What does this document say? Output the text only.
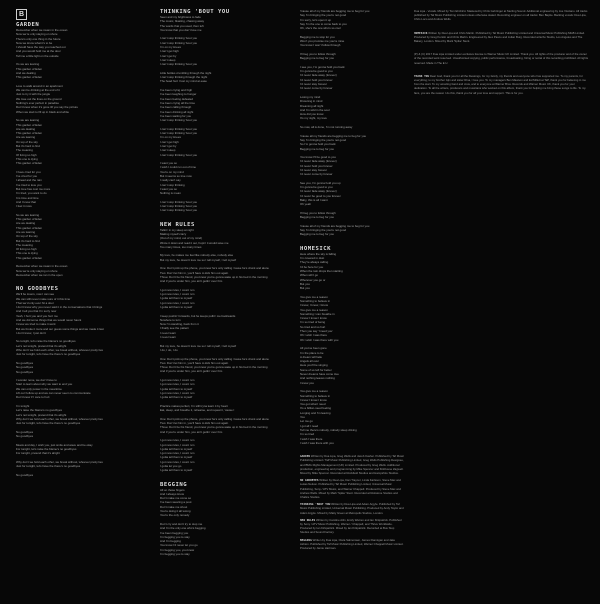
B
GARDEN

Remember when we swam in the ocean
Now we're only staying on shore
There's only one thing in the future
Now we know what it's to be
I should have the way you reached out
And you would hold me at the door
Tell me a little light on the outside

It's we are leaning
This garden of Eden
And we dealing
This garden of Eden

Love to walk around in an apartment
We can be drinking at the end of it
Just to try it with the jungle
We lose out the lines on the ground
Nothing's ever perfect in paradise
Don't know when it's gone till you say the picture
When we start to fill up in black and white

So we are leaning
This garden of Eden
Are we dealing
This garden of Eden
Are we leaning
On top of the sky
But it's hard to find
The meaning
Of living so high
This one is dying
This garden of Eden

I have cried for you
I've cried for you
I ahead and the rain
I've tried to love you
But love has cost me more
I'm tired, you want to do
It is time and time
And I know that
I feel it more

So we are leaning
This garden of Eden
Are we dealing
This garden of Eden
Are we leaning
On top of the sky
But it's hard to find
The meaning
Of living so high
This one is dying
This garden of Eden

Remember when we swam in the ocean
Now we're only staying on shore
Remember when we ran in the open

NO GOODBYES

We'll be lovers, now I can see
We can still never make sure of it this time
That we'd only ever hit a door
I don't know why you never said it in the conversations that it brings
And I tell you that I'm sorry now
Yeah, I hurt you and you hurt me
And we did some things that we would never haunt
I know we tried to make it work
But we broke it more and our guess some things and we made it last
I don't know, I just don't

So tonight, let's raise the blame's no goodbyes
Let's not tonight, pretend that it's alright
Who don't we hold each other, we break without, whoever pretty lies
Just for tonight, let's have the there's no goodbyes

No goodbyes
No goodbyes
No goodbyes

I wonder none, we don't have to
Start to learn about why we want to end you
We can only power in the meantime
Lift our hollow up and we can never seem to communicate
Don't know if I care to hurt

I'm tonight
Let's raise the blame's no goodbyes
Let's not tonight, pretend that it's alright
Why don't we hold each other, we break without, whoever pretty lies
Just for tonight, let's have the there's no goodbyes

No goodbyes
No goodbyes

Meets and day, I wish you, just smile and wave and be okay
For tonight, let's raise the blame's no goodbyes
For tonight, pretend that it's alright

Why don't we hold each other, we break without, whoever pretty lies
Just for tonight, let's have the there's no goodbyes

No goodbyes

THINKING 'BOUT YOU

Seen and my brightness to fade
The music, blasting, chasing away
The words that you used, then left
You know that you don't love me

I can't stop thinking 'bout you
I can't stop thinking 'bout you
I'm on my knees
I can't get high
I can't get by
I can't sleep
I can't stop thinking 'bout you

Little bottles crumbling through the night
I can't stop thinking through the night
The head hurt I lost my mind at ease

I've been crying and high
I've been laughing to hunger
I've been feeling defeated
I've been crying all the time
I've been calling through
I've been drinking all night
I've been waiting for you
I can't stop thinking 'bout you

I can't stop thinking 'bout you
I can't stop thinking 'bout you
I'm on my knees
I can't get high
I can't get by
I can't sleep
I can't stop thinking 'bout you

I want you so
I wish I could run out of time
You're on my mind
But it seems so true now
I really can't say
I can't stop thinking
I want you so
Nothing is mean

I can't stop thinking 'bout you
I can't stop thinking 'bout you
I can't stop thinking 'bout you

NEW RULES

Talkin' in my sleep at night
Making myself crazy
(Out of my mind, out of my mind)
Wrote it down and read it out, hopin' it would save me
Too many times, too many times

My love, he makes me feel like nobody else, nobody else
But my love, he doesn't love me so I tell myself, I tell myself

One: Don't pick up the phone, you know he's only calling 'cause he's drunk and alone
Two: Don't let him in, you'll have to kick him out again
Three: Don't be his friend, you know you're gonna wake up in his bed in the morning
And if you're under him, you ain't gettin' over him

I got new rules, I count 'em
I got new rules, I count 'em
I gotta tell them to myself
I got new rules, I count 'em
I gotta tell them to myself

I keep pushin' forwards, but he keeps pullin' me backwards
Nowhere to turn
Now I'm standing, back from it
I finally see the pattern
I never learn
I never learn

But my love, he doesn't love me so I tell myself, I tell myself
I do, I do, I do

One: Don't pick up the phone, you know he's only calling 'cause he's drunk and alone
Two: Don't let him in, you'll have to kick him out again
Three: Don't be his friend, you know you're gonna wake up in his bed in the morning
And if you're under him, you ain't gettin' over him

I got new rules, I count 'em
I got new rules, I count 'em
I gotta tell them to myself
I got new rules, I count 'em
I gotta tell them to myself

Practice makes perfect, I'm still tryna learn it by heart
Eat, sleep, and breathe it, rehearse, and repeat it, 'cause I

One: Don't pick up the phone, you know he's only calling 'cause he's drunk and alone
Two: Don't let him in, you'll have to kick him out again
Three: Don't be his friend, you know you're gonna wake up in his bed in the morning
And if you're under him, you ain't gettin' over him

I got new rules, I count 'em
I got new rules, I count 'em
I gotta tell them to myself
I got new rules, I count 'em
I gotta tell them to myself
I got new rules, I count 'em
I gotta let you go
I gotta tell them to myself

BEGGING

All on those fingers
And I always know
Don't make me come so
I've been wearing a pout
Don't make me shout
You're doing it all wrong
You're the only remedy

Don't cry and don't try to stop me
And I'm the only one who's begging
I've been begging you
I'm begging you to stay
And I'm begging
You know I'd never let you go
I'm begging you, you know
I'm begging you to stay

'Cause all of my friends are begging me to beg for you
Say I'm bringing the you're not good
I'm sorry, let's open it up
Say I'm the one to come back to you
Oh, she's the one who's so cool

Begging me to stop for you
Won't you promise me you're mine
You know I won't follow through

I'll beg you to follow through
Begging me to beg for you

I see you, I'm gonna hold you back
I'm gonna be good to you
I'd never fade away (forever)
I'd never hold you forever
I'd never stay forever
I'd never come by forever

Losing my mind
Drowning in mind
Dreaming all night
And I'm wild in the soul
How did you know
It's my night, my love

So now, all is done, I'm not running away

'Cause all my friends are begging me to beg for you
Say I'm bringing the you're not good
So I'm gonna hold you back
Begging me to beg for you

You know I'll be good to you
I'd never fade away (forever)
I'd never hold you forever
I'd never stay forever
I'd never come by forever

See you, I'm gonna hold you up
I'm gonna be good to you
I'd never fade away (forever)
I'd never be good to you forever
Baby, this is all I want
Oh yeah

I'll beg you to follow through
Begging me to beg for you

'Cause all of my friends are begging me to beg for you
Say I'm bringing the you're not good
Begging me to beg for you

HOMESICK

Here where the sky is falling
I'm covered in dust
They're always calling
I'd be here for you
When the rain drops then starting
When will I go
Wherever you go or
But you
But you

You give me a reason
Something to believe in
I know, I know, I know
You give me a reason
Something I can breathe in
I know I know I know
I'm so tired of being
So tired and so hurt
Then you say 'I need you'
Oh I wish I was there
Oh I wish I was there with you

All you've been gone
I'm the place to be
A dream will fade
Angels all over
Here you'll be singing
Some of us left for better
Never dreams have come true
And nothing leaves nothing
I know you

You give me a reason
Something to believe in
I know I know I know
You got what I need
It's a billion-need feeling
Longing and I'm leaving
You
Let me go
I got all I need
Tell me there's nobody, nobody sleep driving
I'm so tired
I wish I was there
I wish I was there with you

GARDEN Written by Dua Lipa, Greg Wells and Jacob Kasher. Published by Taf Music Publishing Limited / TaP Music Publishing Limited, Greg Wells Publishing Designee, and BMG Rights Management (UK) Limited. Produced by Greg Wells. Additional production, engineering and programming by Mike Spencer and Kirkhouse Zagwell. Mixed by Mike Spencer. Recorded at Rockfield Studios and Hampshire Studios.

NO GOODBYES Written by Dua Lipa, Dan Traynor, Linda Karlsson, Steve Mac and Lukas Nelson. Published by Taf Music Publishing Limited, Universal Music Publishing, Sony / ATV Music, and Warner Chappell. Produced by Steve Mac and Andrew Wells. Mixed by Mark 'Spike' Stent. Recorded at Rokstone Studios and Chalice Studios.

THINKING 'BOUT YOU Written by Dua Lipa and Adam Argyle. Published by Taf Music Publishing Limited, Universal Music Publishing. Produced by Andy Taylor and Adam Argyle. Mixed by Matty Green at Metropolis Studios, London.

NEW RULES Written by Caroline Ailin, Emily Warren and Ian Kirkpatrick. Published by Sony / ATV Music Publishing, Warner / Chappell, and Thrive Worldwide. Produced by Ian Kirkpatrick. Mixed by Ian Kirkpatrick. Recorded at Bus Stop Studios and Sound Factory.

BEGGING Written by Dua Lipa, Clara Salmonsen, James Flannigan and Jake Ashton. Published by Taf Music Publishing Limited, Warner Chappell Music Limited. Produced by Jamie Hartman.

Dua Lipa - Vocals. Mixed by Tom Elmhirst. Mastered by Chris Gehringer at Sterling Sound. Additional engineering by Joe Visciano. All tracks published by Taf Music Publishing Limited unless otherwise stated. Recording engineer on all tracks: Ben Baptie. Backing vocals: Dua Lipa, Chris Loco and Andrew Wells.

HOMESICK Written by Dua Lipa and Chris Martin. Published by Taf Music Publishing Limited and Universal Music Publishing MGB Limited. Produced by Greg Kurstin and Chris Martin. Engineered by Alex Pasco and Julian Burg. Recorded at Echo Studio, Los Angeles and The Bakery, London. Mixed by Mark 'Spike' Stent.

(P) & (C) 2017 Dua Lipa Limited under exclusive license to Warner Music UK Limited. Thank you. All rights of the producer and of the owner of the recorded work reserved. Unauthorised copying, public performance, broadcasting, hiring or rental of this recording prohibited. All rights reserved. Made in The E.U.

THANK YOU Dear God, thank you for all the blessings, for my family, my friends and everyone who has supported me. To my parents, for everything; to my brother Gjin and sister Rina, I love you. To my managers Ben Mawson and Ed Millett at TaP, thank you for believing in me from the start. To my amazing band and crew, and to everyone at Warner Bros. Records and Warner Music UK, thank you for your dedication. To all the writers, producers and musicians who worked on this album, thank you for helping me bring these songs to life. To my fans, you are the reason I do this, thank you for all your love and support. This is for you.
